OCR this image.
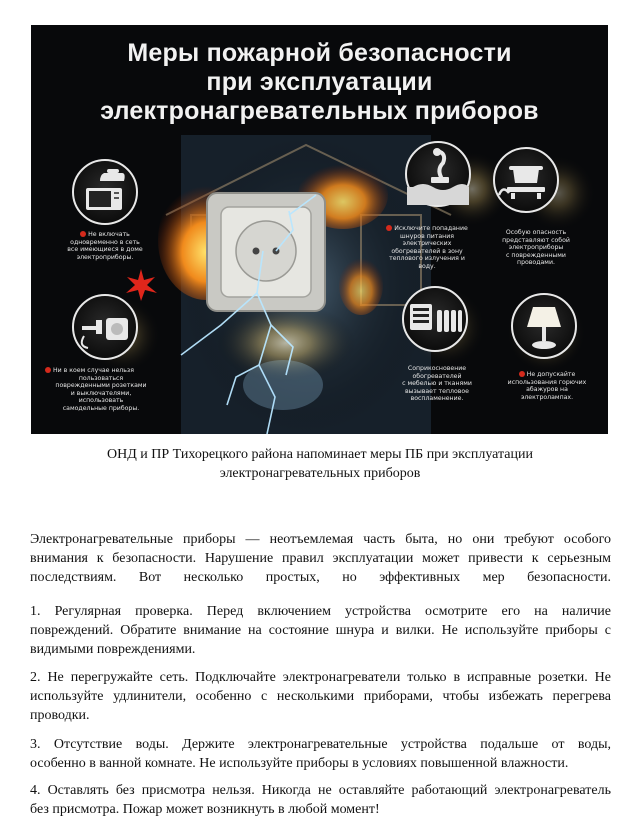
Меры пожарной безопасности
при эксплуатации
электронагревательных приборов
Не включать
одновременно в сеть
все имеющиеся в доме
электроприборы.
Исключите попадание
шнуров питания
электрических
обогревателей в зону
теплового излучения и
воду.
Особую опасность
представляют собой
электроприборы
с поврежденными
проводами.
Ни в коем случае нельзя
пользоваться
поврежденными розетками
и выключателями,
использовать
самодельные приборы.
Соприкосновение
обогревателей
с мебелью и тканями
вызывает тепловое
воспламенение.
Не допускайте
использования горючих
абажуров на
электролампах.
ОНД и ПР Тихорецкого района напоминает меры ПБ при эксплуатации
электронагревательных приборов
Электронагревательные приборы — неотъемлемая часть быта, но они требуют особого
внимания к безопасности. Нарушение правил эксплуатации может привести к серьезным
последствиям. Вот несколько простых, но эффективных мер безопасности.
1. Регулярная проверка. Перед включением устройства осмотрите его на наличие
повреждений. Обратите внимание на состояние шнура и вилки. Не используйте приборы с
видимыми повреждениями.
2. Не перегружайте сеть. Подключайте электронагреватели только в исправные розетки. Не
используйте удлинители, особенно с несколькими приборами, чтобы избежать перегрева
проводки.
3. Отсутствие воды. Держите электронагревательные устройства подальше от воды,
особенно в ванной комнате. Не используйте приборы в условиях повышенной влажности.
4. Оставлять без присмотра нельзя. Никогда не оставляйте работающий электронагреватель
без присмотра. Пожар может возникнуть в любой момент!
